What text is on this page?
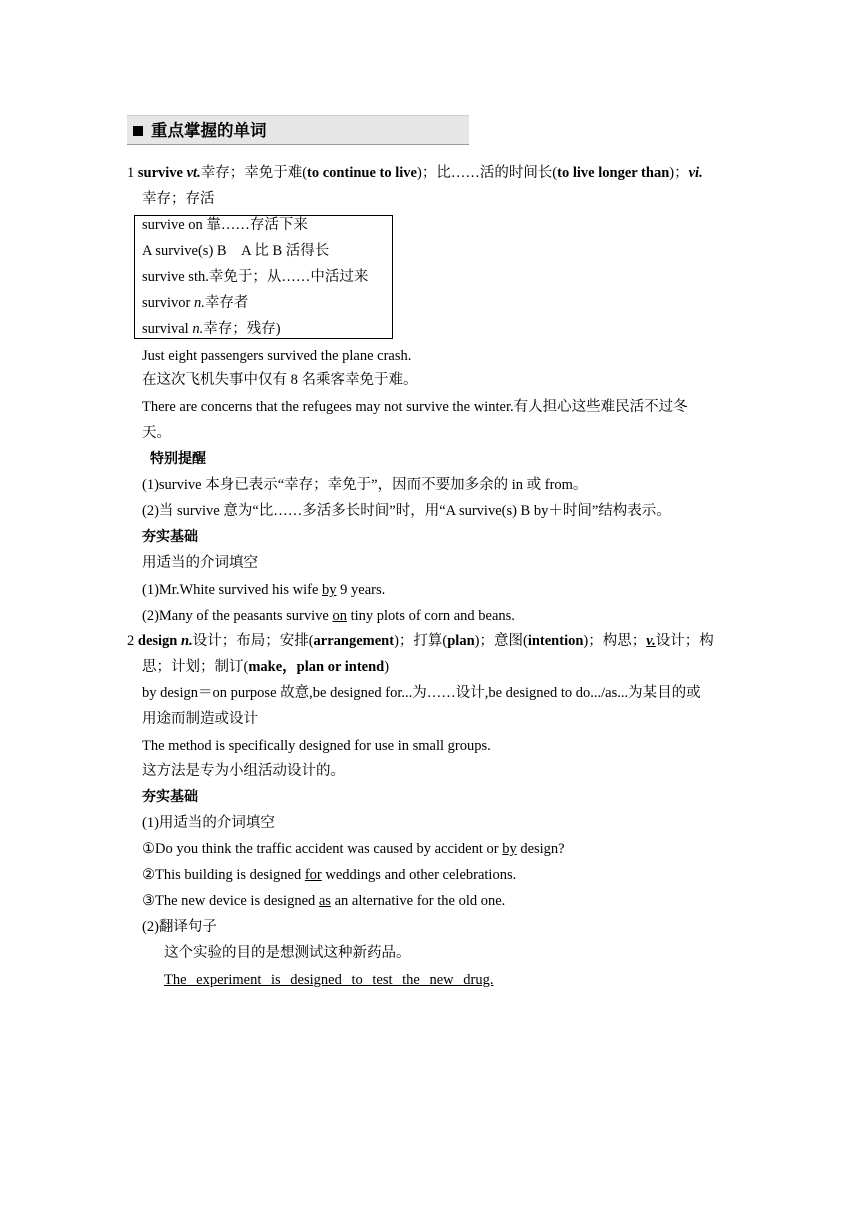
重点掌握的单词
1 survive vt.幸存；幸免于难(to continue to live)；比……活的时间长(to live longer than)；vi.
幸存；存活
survive on 靠……存活下来
A survive(s) B　A 比 B 活得长
survive sth.幸免于；从……中活过来
survivor n.幸存者
survival n.幸存；残存)
Just eight passengers survived the plane crash.
在这次飞机失事中仅有 8 名乘客幸免于难。
There are concerns that the refugees may not survive the winter.有人担心这些难民活不过冬
天。
特别提醒
(1)survive 本身已表示“幸存；幸免于”，因而不要加多余的 in 或 from。
(2)当 survive 意为“比……多活多长时间”时，用“A survive(s) B by＋时间”结构表示。
夯实基础
用适当的介词填空
(1)Mr.White survived his wife by 9 years.
(2)Many of the peasants survive on tiny plots of corn and beans.
2 design n.设计；布局；安排(arrangement)；打算(plan)；意图(intention)；构思；v.设计；构
思；计划；制订(make，plan or intend)
by design＝on purpose 故意,be designed for...为……设计,be designed to do.../as...为某目的或
用途而制造或设计
The method is specifically designed for use in small groups.
这方法是专为小组活动设计的。
夯实基础
(1)用适当的介词填空
①Do you think the traffic accident was caused by accident or by design?
②This building is designed for weddings and other celebrations.
③The new device is designed as an alternative for the old one.
(2)翻译句子
这个实验的目的是想测试这种新药品。
The experiment is designed to test the new drug.
